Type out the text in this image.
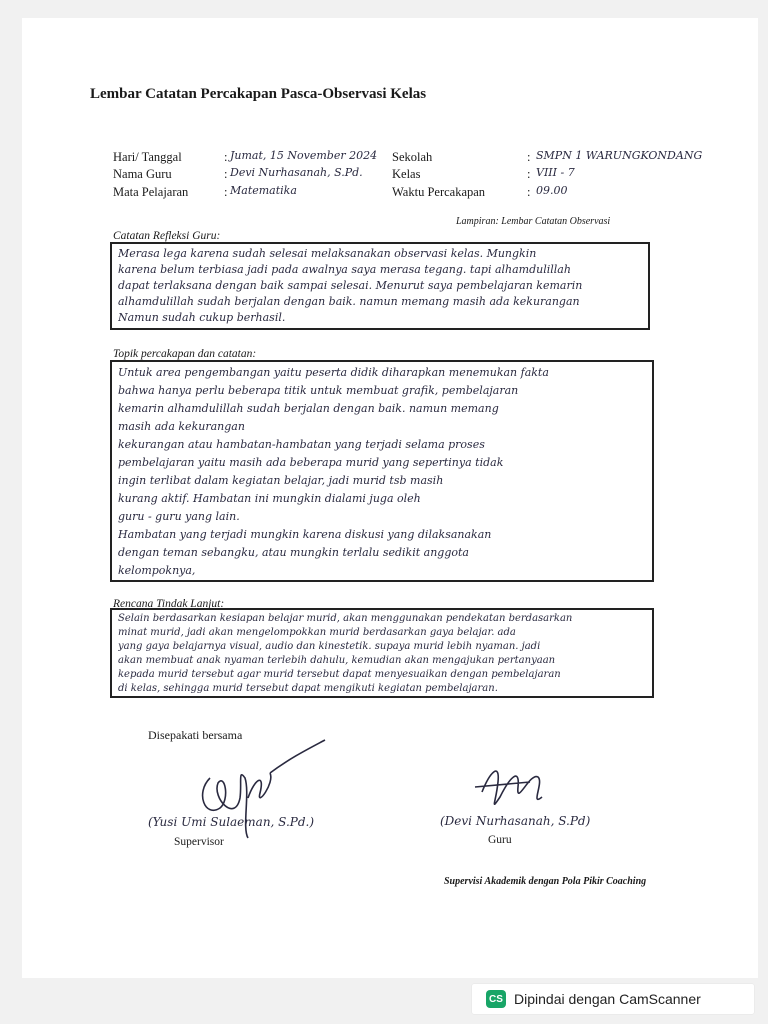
Lembar Catatan Percakapan Pasca-Observasi Kelas
Hari/ Tanggal	: Jumat, 15 November 2024
Nama Guru	: Devi Nurhasanah, S.Pd.
Mata Pelajaran	: Matematika
Sekolah	: SMPN 1 WARUNGKONDANG
Kelas	: VIII - 7
Waktu Percakapan	: 09.00
Lampiran: Lembar Catatan Observasi
Catatan Refleksi Guru:
Merasa lega karena sudah selesai melaksanakan observasi kelas. Mungkin
karena belum terbiasa jadi pada awalnya saya merasa tegang. tapi alhamdulillah
dapat terlaksana dengan baik sampai selesai. Menurut saya pembelajaran kemarin
alhamdulillah sudah berjalan dengan baik. namun memang masih ada kekurangan
Namun sudah cukup berhasil.
Topik percakapan dan catatan:
Untuk area pengembangan yaitu peserta didik diharapkan menemukan fakta
bahwa hanya perlu beberapa titik untuk membuat grafik, pembelajaran
kemarin alhamdulillah sudah berjalan dengan baik. namun memang
masih ada kekurangan
kekurangan atau hambatan-hambatan yang terjadi selama proses
pembelajaran yaitu masih ada beberapa murid yang sepertinya tidak
ingin terlibat dalam kegiatan belajar, jadi murid tsb masih
kurang aktif. Hambatan ini mungkin dialami juga oleh
guru - guru yang lain.
Hambatan yang terjadi mungkin karena diskusi yang dilaksanakan
dengan teman sebangku, atau mungkin terlalu sedikit anggota
kelompoknya,
Rencana Tindak Lanjut:
Selain berdasarkan kesiapan belajar murid, akan menggunakan pendekatan berdasarkan
minat murid, jadi akan mengelompokkan murid berdasarkan gaya belajar. ada
yang gaya belajarnya visual, audio dan kinestetik. supaya murid lebih nyaman. jadi
akan membuat anak nyaman terlebih dahulu, kemudian akan mengajukan pertanyaan
kepada murid tersebut agar murid tersebut dapat menyesuaikan dengan pembelajaran
di kelas, sehingga murid tersebut dapat mengikuti kegiatan pembelajaran.
Disepakati bersama
(Yusi Umi Sulaeman, S.Pd.)
Supervisor
(Devi Nurhasanah, S.Pd)
Guru
Supervisi Akademik dengan Pola Pikir Coaching
CS Dipindai dengan CamScanner
